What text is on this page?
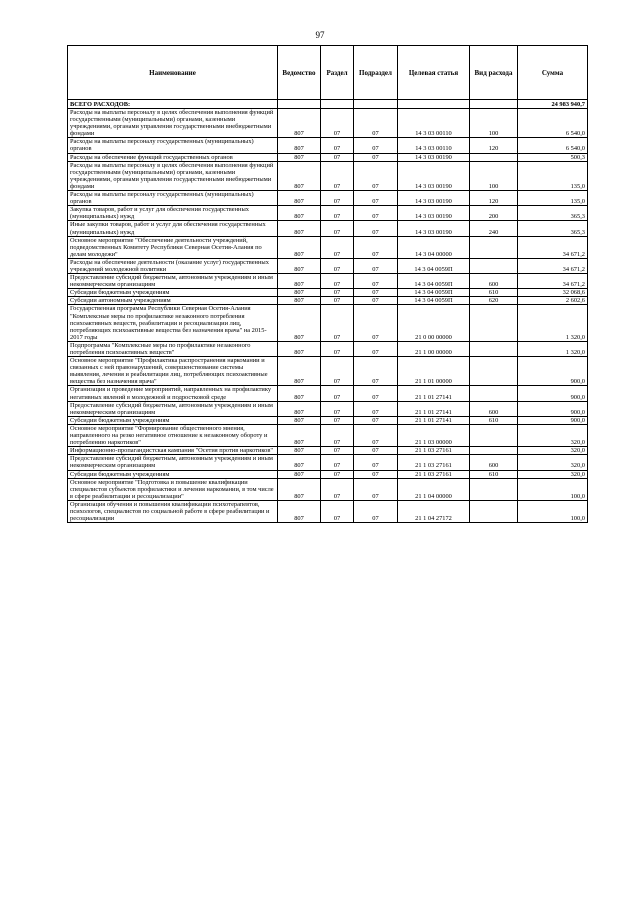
97
Наименование	Ведомство	Раздел	Подраздел	Целевая статья	Вид расхода	Сумма
ВСЕГО РАСХОДОВ:						24 983 940,7
Расходы на выплаты персоналу в целях обеспечения выполнения функций государственными (муниципальными) органами, казенными учреждениями, органами управления государственными внебюджетными фондами	807	07	07	14 3 03 00110	100	6 540,0
Расходы на выплаты персоналу государственных (муниципальных) органов	807	07	07	14 3 03 00110	120	6 540,0
Расходы на обеспечение функций государственных органов	807	07	07	14 3 03 00190		500,3
Расходы на выплаты персоналу в целях обеспечения выполнения функций государственными (муниципальными) органами, казенными учреждениями, органами управления государственными внебюджетными фондами	807	07	07	14 3 03 00190	100	135,0
Расходы на выплаты персоналу государственных (муниципальных) органов	807	07	07	14 3 03 00190	120	135,0
Закупка товаров, работ и услуг для обеспечения государственных (муниципальных) нужд	807	07	07	14 3 03 00190	200	365,3
Иные закупки товаров, работ и услуг для обеспечения государственных (муниципальных) нужд	807	07	07	14 3 03 00190	240	365,3
Основное мероприятие "Обеспечение деятельности учреждений, подведомственных Комитету Республики Северная Осетия-Алания по делам молодежи"	807	07	07	14 3 04 00000		34 671,2
Расходы на обеспечение деятельности (оказание услуг) государственных учреждений молодежной политики	807	07	07	14 3 04 0059П		34 671,2
Предоставление субсидий бюджетным, автономным учреждениям и иным некоммерческим организациям	807	07	07	14 3 04 0059П	600	34 671,2
Субсидии бюджетным учреждениям	807	07	07	14 3 04 0059П	610	32 068,6
Субсидии автономным учреждениям	807	07	07	14 3 04 0059П	620	2 602,6
Государственная программа Республики Северная Осетия-Алания "Комплексные меры по профилактике незаконного потребления психоактивных веществ, реабилитации и ресоциализации лиц, потребляющих психоактивные вещества без назначения врача" на 2015-2017 годы	807	07	07	21 0 00 00000		1 320,0
Подпрограмма "Комплексные меры по профилактике незаконного потребления психоактивных веществ"	807	07	07	21 1 00 00000		1 320,0
Основное мероприятие "Профилактика распространения наркомании и связанных с ней правонарушений, совершенствование системы выявления, лечения и реабилитации лиц, потребляющих психоактивные вещества без назначения врача"	807	07	07	21 1 01 00000		900,0
Организация и проведение мероприятий, направленных на профилактику негативных явлений в молодежной и подростковой среде	807	07	07	21 1 01 27141		900,0
Предоставление субсидий бюджетным, автономным учреждениям и иным некоммерческим организациям	807	07	07	21 1 01 27141	600	900,0
Субсидии бюджетным учреждениям	807	07	07	21 1 01 27141	610	900,0
Основное мероприятие "Формирование общественного мнения, направленного на резко негативное отношение к незаконному обороту и потреблению наркотиков"	807	07	07	21 1 03 00000		320,0
Информационно-пропагандистская кампания "Осетия против наркотиков"	807	07	07	21 1 03 27161		320,0
Предоставление субсидий бюджетным, автономным учреждениям и иным некоммерческим организациям	807	07	07	21 1 03 27161	600	320,0
Субсидии бюджетным учреждениям	807	07	07	21 1 03 27161	610	320,0
Основное мероприятие "Подготовка и повышение квалификации специалистов субъектов профилактики и лечения наркомании, в том числе в сфере реабилитации и ресоциализации"	807	07	07	21 1 04 00000		100,0
Организация обучения и повышения квалификации психотерапевтов, психологов, специалистов по социальной работе в сфере реабилитации и ресоциализации	807	07	07	21 1 04 27172		100,0
